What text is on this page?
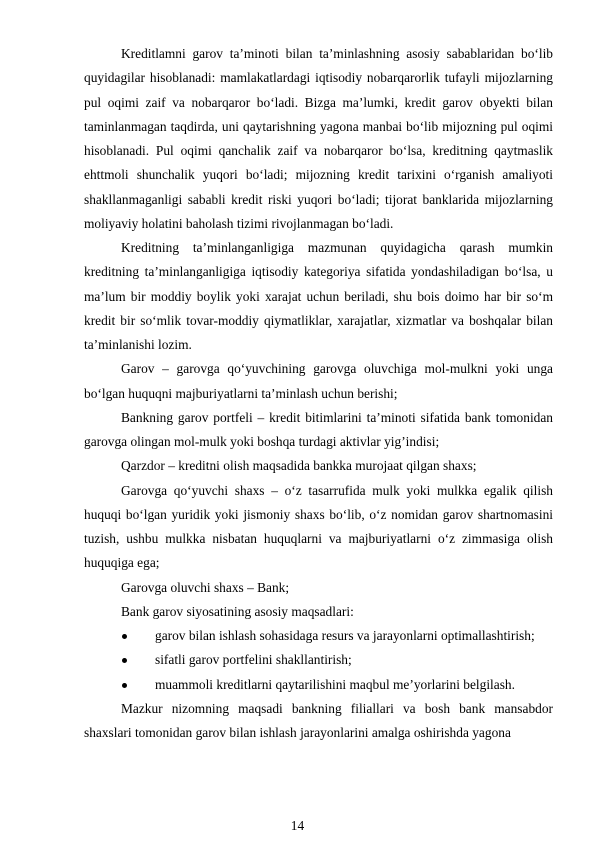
Kreditlamni garov ta’minoti bilan ta’minlashning asosiy sabablaridan bo‘lib quyidagilar hisoblanadi: mamlakatlardagi iqtisodiy nobarqarorlik tufayli mijozlarning pul oqimi zaif va nobarqaror bo‘ladi. Bizga ma’lumki, kredit garov obyekti bilan taminlanmagan taqdirda, uni qaytarishning yagona manbai bo‘lib mijozning pul oqimi hisoblanadi. Pul oqimi qanchalik zaif va nobarqaror bo‘lsa, kreditning qaytmaslik ehttmoli shunchalik yuqori bo‘ladi; mijozning kredit tarixini o‘rganish amaliyoti shakllanmaganligi sababli kredit riski yuqori bo‘ladi; tijorat banklarida mijozlarning moliyaviy holatini baholash tizimi rivojlanmagan bo‘ladi.

Kreditning ta’minlanganligiga mazmunan quyidagicha qarash mumkin kreditning ta’minlanganligiga iqtisodiy kategoriya sifatida yondashiladigan bo‘lsa, u ma’lum bir moddiy boylik yoki xarajat uchun beriladi, shu bois doimo har bir so‘m kredit bir so‘mlik tovar-moddiy qiymatliklar, xarajatlar, xizmatlar va boshqalar bilan ta’minlanishi lozim.

Garov – garovga qo‘yuvchining garovga oluvchiga mol-mulkni yoki unga bo‘lgan huquqni majburiyatlarni ta’minlash uchun berishi;

Bankning garov portfeli – kredit bitimlarini ta’minoti sifatida bank tomonidan garovga olingan mol-mulk yoki boshqa turdagi aktivlar yig’indisi;

Qarzdor – kreditni olish maqsadida bankka murojaat qilgan shaxs;

Garovga qo‘yuvchi shaxs – o‘z tasarrufida mulk yoki mulkka egalik qilish huquqi bo‘lgan yuridik yoki jismoniy shaxs bo‘lib, o‘z nomidan garov shartnomasini tuzish, ushbu mulkka nisbatan huquqlarni va majburiyatlarni o‘z zimmasiga olish huquqiga ega;

Garovga oluvchi shaxs – Bank;

Bank garov siyosatining asosiy maqsadlari:

garov bilan ishlash sohasidaga resurs va jarayonlarni optimallashtirish;

sifatli garov portfelini shakllantirish;

muammoli kreditlarni qaytarilishini maqbul me’yorlarini belgilash.

Mazkur nizomning maqsadi bankning filiallari va bosh bank mansabdor shaxslari tomonidan garov bilan ishlash jarayonlarini amalga oshirishda yagona

14
